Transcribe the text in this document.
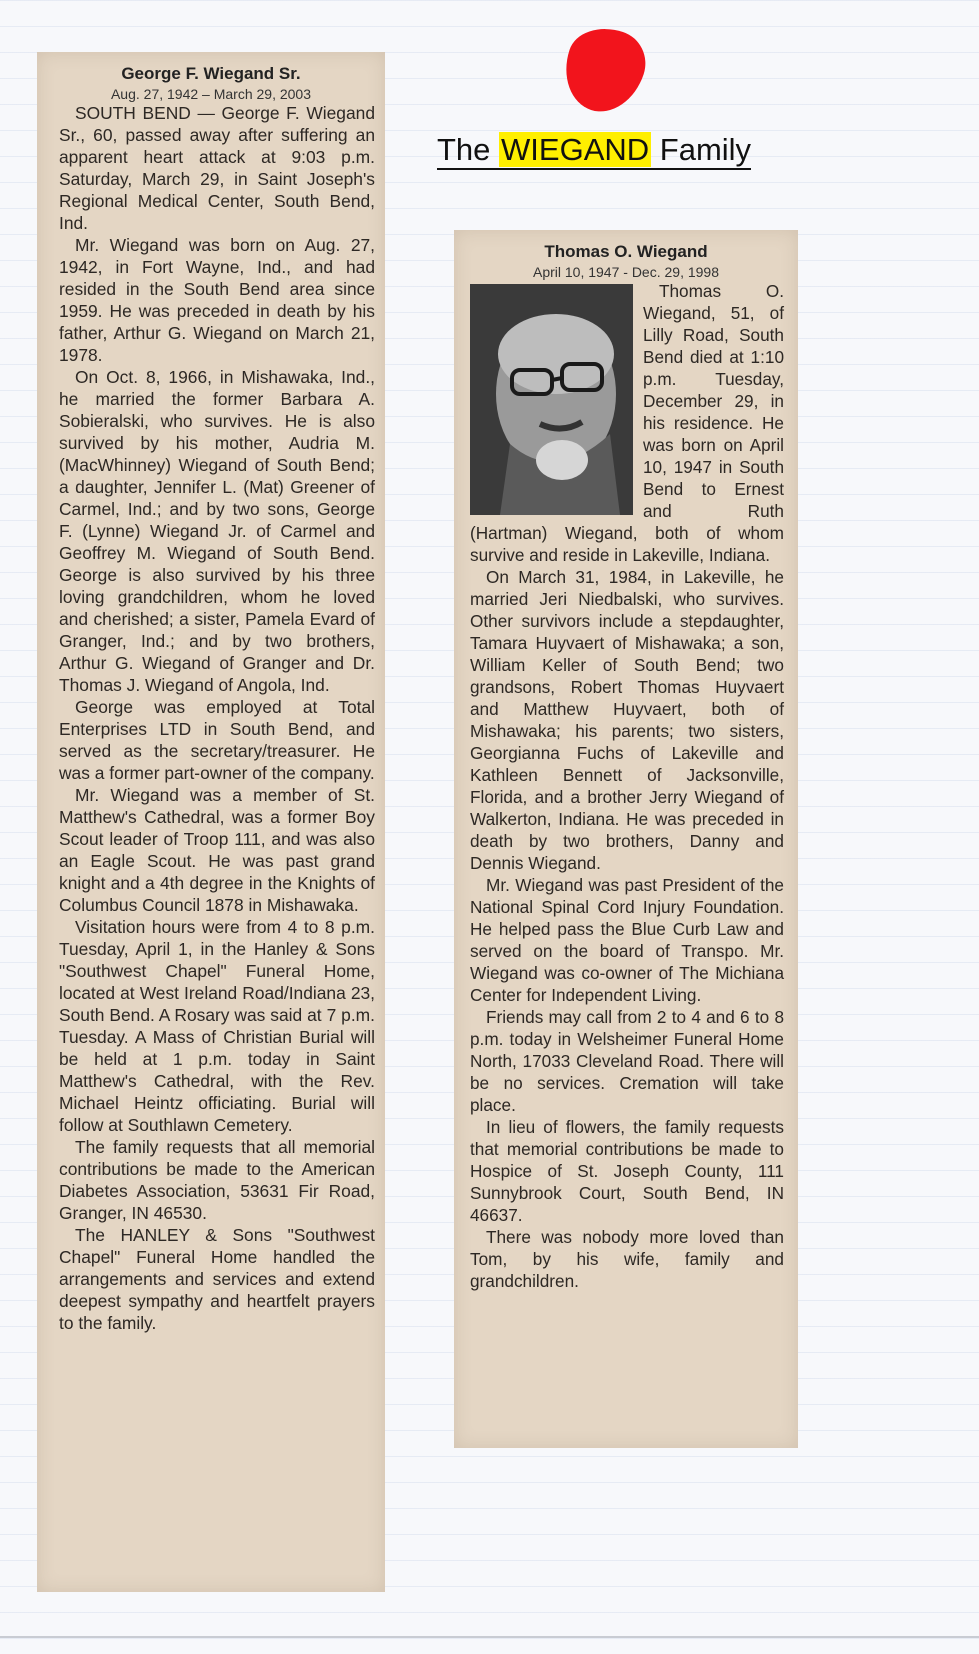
The WIEGAND Family
George F. Wiegand Sr.
Aug. 27, 1942 – March 29, 2003

SOUTH BEND — George F. Wiegand Sr., 60, passed away after suffering an apparent heart attack at 9:03 p.m. Saturday, March 29, in Saint Joseph's Regional Medical Center, South Bend, Ind.

Mr. Wiegand was born on Aug. 27, 1942, in Fort Wayne, Ind., and had resided in the South Bend area since 1959. He was preceded in death by his father, Arthur G. Wiegand on March 21, 1978.

On Oct. 8, 1966, in Mishawaka, Ind., he married the former Barbara A. Sobieralski, who survives. He is also survived by his mother, Audria M. (MacWhinney) Wiegand of South Bend; a daughter, Jennifer L. (Mat) Greener of Carmel, Ind.; and by two sons, George F. (Lynne) Wiegand Jr. of Carmel and Geoffrey M. Wiegand of South Bend. George is also survived by his three loving grandchildren, whom he loved and cherished; a sister, Pamela Evard of Granger, Ind.; and by two brothers, Arthur G. Wiegand of Granger and Dr. Thomas J. Wiegand of Angola, Ind.

George was employed at Total Enterprises LTD in South Bend, and served as the secretary/treasurer. He was a former part-owner of the company.

Mr. Wiegand was a member of St. Matthew's Cathedral, was a former Boy Scout leader of Troop 111, and was also an Eagle Scout. He was past grand knight and a 4th degree in the Knights of Columbus Council 1878 in Mishawaka.

Visitation hours were from 4 to 8 p.m. Tuesday, April 1, in the Hanley & Sons "Southwest Chapel" Funeral Home, located at West Ireland Road/Indiana 23, South Bend. A Rosary was said at 7 p.m. Tuesday. A Mass of Christian Burial will be held at 1 p.m. today in Saint Matthew's Cathedral, with the Rev. Michael Heintz officiating. Burial will follow at Southlawn Cemetery.

The family requests that all memorial contributions be made to the American Diabetes Association, 53631 Fir Road, Granger, IN 46530.

The HANLEY & Sons "Southwest Chapel" Funeral Home handled the arrangements and services and extend deepest sympathy and heartfelt prayers to the family.

Thomas O. Wiegand
April 10, 1947 - Dec. 29, 1998

Thomas O. Wiegand, 51, of Lilly Road, South Bend died at 1:10 p.m. Tuesday, December 29, in his residence. He was born on April 10, 1947 in South Bend to Ernest and Ruth (Hartman) Wiegand, both of whom survive and reside in Lakeville, Indiana.

On March 31, 1984, in Lakeville, he married Jeri Niedbalski, who survives. Other survivors include a stepdaughter, Tamara Huyvaert of Mishawaka; a son, William Keller of South Bend; two grandsons, Robert Thomas Huyvaert and Matthew Huyvaert, both of Mishawaka; his parents; two sisters, Georgianna Fuchs of Lakeville and Kathleen Bennett of Jacksonville, Florida, and a brother Jerry Wiegand of Walkerton, Indiana. He was preceded in death by two brothers, Danny and Dennis Wiegand.

Mr. Wiegand was past President of the National Spinal Cord Injury Foundation. He helped pass the Blue Curb Law and served on the board of Transpo. Mr. Wiegand was co-owner of The Michiana Center for Independent Living.

Friends may call from 2 to 4 and 6 to 8 p.m. today in Welsheimer Funeral Home North, 17033 Cleveland Road. There will be no services. Cremation will take place.

In lieu of flowers, the family requests that memorial contributions be made to Hospice of St. Joseph County, 111 Sunnybrook Court, South Bend, IN 46637.

There was nobody more loved than Tom, by his wife, family and grandchildren.
